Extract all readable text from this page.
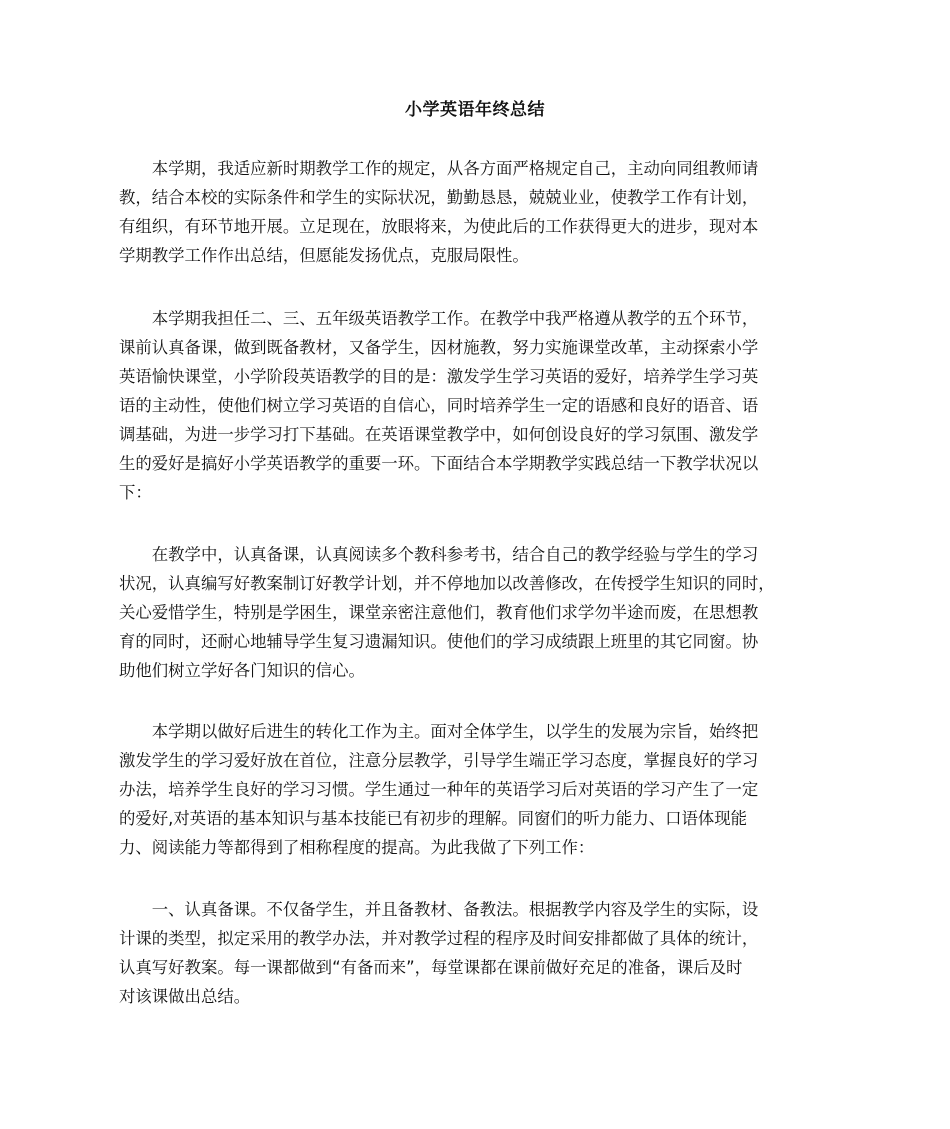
小学英语年终总结
　　本学期，我适应新时期教学工作的规定，从各方面严格规定自己，主动向同组教师请
教，结合本校的实际条件和学生的实际状况，勤勤恳恳，兢兢业业，使教学工作有计划，
有组织，有环节地开展。立足现在，放眼将来，为使此后的工作获得更大的进步，现对本
学期教学工作作出总结，但愿能发扬优点，克服局限性。
　　本学期我担任二、三、五年级英语教学工作。在教学中我严格遵从教学的五个环节，
课前认真备课，做到既备教材，又备学生，因材施教，努力实施课堂改革，主动探索小学
英语愉快课堂，小学阶段英语教学的目的是：激发学生学习英语的爱好，培养学生学习英
语的主动性，使他们树立学习英语的自信心，同时培养学生一定的语感和良好的语音、语
调基础，为进一步学习打下基础。在英语课堂教学中，如何创设良好的学习氛围、激发学
生的爱好是搞好小学英语教学的重要一环。下面结合本学期教学实践总结一下教学状况以
下：
　　在教学中，认真备课，认真阅读多个教科参考书，结合自己的教学经验与学生的学习
状况，认真编写好教案制订好教学计划，并不停地加以改善修改，在传授学生知识的同时，
关心爱惜学生，特别是学困生，课堂亲密注意他们，教育他们求学勿半途而废，在思想教
育的同时，还耐心地辅导学生复习遗漏知识。使他们的学习成绩跟上班里的其它同窗。协
助他们树立学好各门知识的信心。
　　本学期以做好后进生的转化工作为主。面对全体学生，以学生的发展为宗旨，始终把
激发学生的学习爱好放在首位，注意分层教学，引导学生端正学习态度，掌握良好的学习
办法，培养学生良好的学习习惯。学生通过一种年的英语学习后对英语的学习产生了一定
的爱好,对英语的基本知识与基本技能已有初步的理解。同窗们的听力能力、口语体现能
力、阅读能力等都得到了相称程度的提高。为此我做了下列工作：
　　一、认真备课。不仅备学生，并且备教材、备教法。根据教学内容及学生的实际，设
计课的类型，拟定采用的教学办法，并对教学过程的程序及时间安排都做了具体的统计，
认真写好教案。每一课都做到“有备而来”，每堂课都在课前做好充足的准备，课后及时
对该课做出总结。
